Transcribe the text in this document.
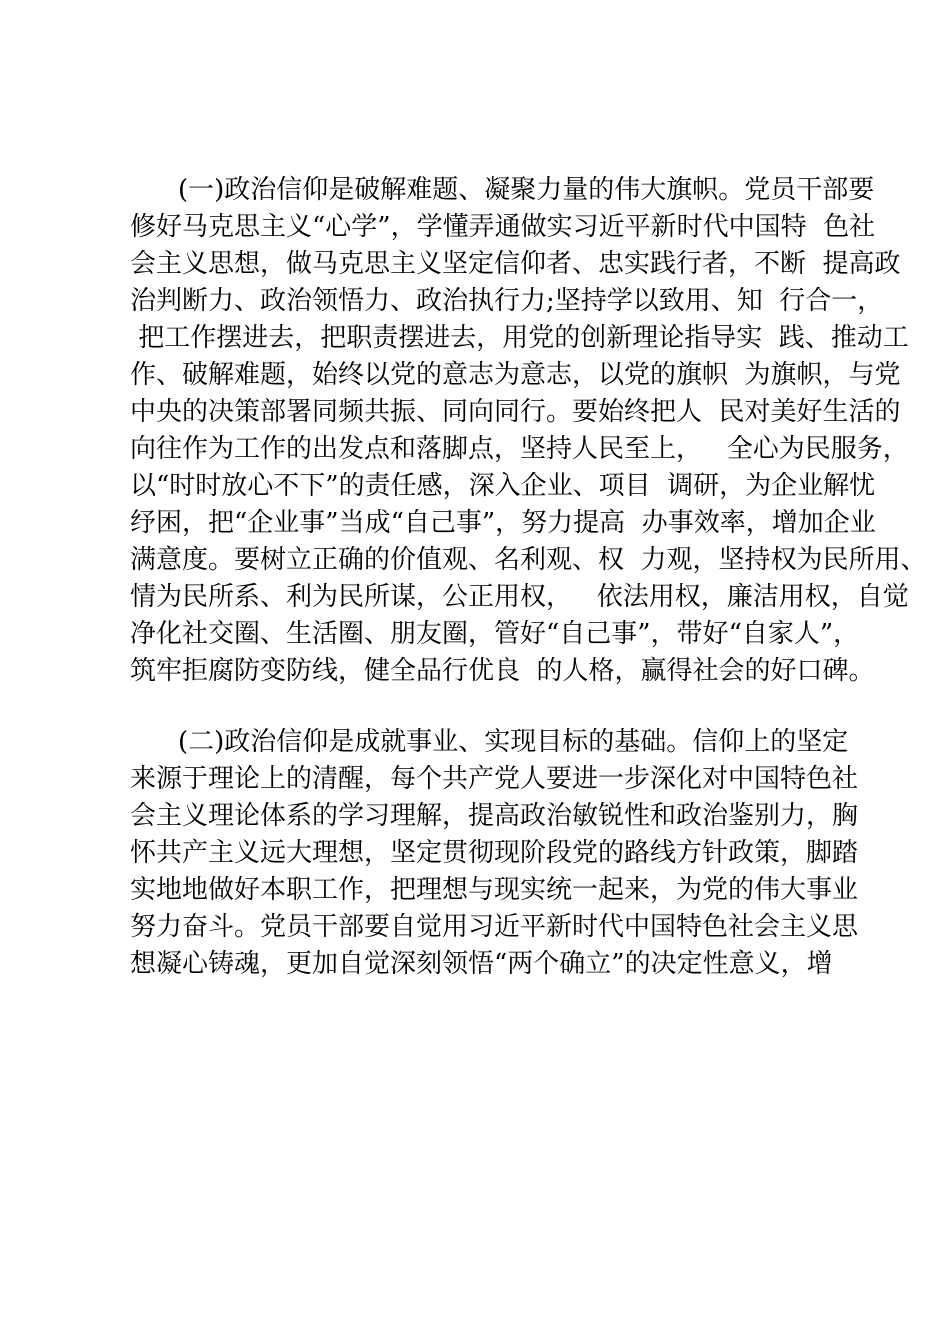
(一)政治信仰是破解难题、凝聚力量的伟大旗帜。党员干部要
修好马克思主义“心学”，学懂弄通做实习近平新时代中国特  色社
会主义思想，做马克思主义坚定信仰者、忠实践行者，不断  提高政
治判断力、政治领悟力、政治执行力;坚持学以致用、知  行合一，
把工作摆进去，把职责摆进去，用党的创新理论指导实  践、推动工
作、破解难题，始终以党的意志为意志，以党的旗帜  为旗帜，与党
中央的决策部署同频共振、同向同行。要始终把人  民对美好生活的
向往作为工作的出发点和落脚点，坚持人民至上，   全心为民服务，
以“时时放心不下”的责任感，深入企业、项目  调研，为企业解忧
纾困，把“企业事”当成“自己事”，努力提高  办事效率，增加企业
满意度。要树立正确的价值观、名利观、权  力观，坚持权为民所用、
情为民所系、利为民所谋，公正用权，   依法用权，廉洁用权，自觉
净化社交圈、生活圈、朋友圈，管好“自己事”，带好“自家人”，
筑牢拒腐防变防线，健全品行优良  的人格，赢得社会的好口碑。
(二)政治信仰是成就事业、实现目标的基础。信仰上的坚定
来源于理论上的清醒，每个共产党人要进一步深化对中国特色社
会主义理论体系的学习理解，提高政治敏锐性和政治鉴别力，胸
怀共产主义远大理想，坚定贯彻现阶段党的路线方针政策，脚踏
实地地做好本职工作，把理想与现实统一起来，为党的伟大事业
努力奋斗。党员干部要自觉用习近平新时代中国特色社会主义思
想凝心铸魂，更加自觉深刻领悟“两个确立”的决定性意义，增
